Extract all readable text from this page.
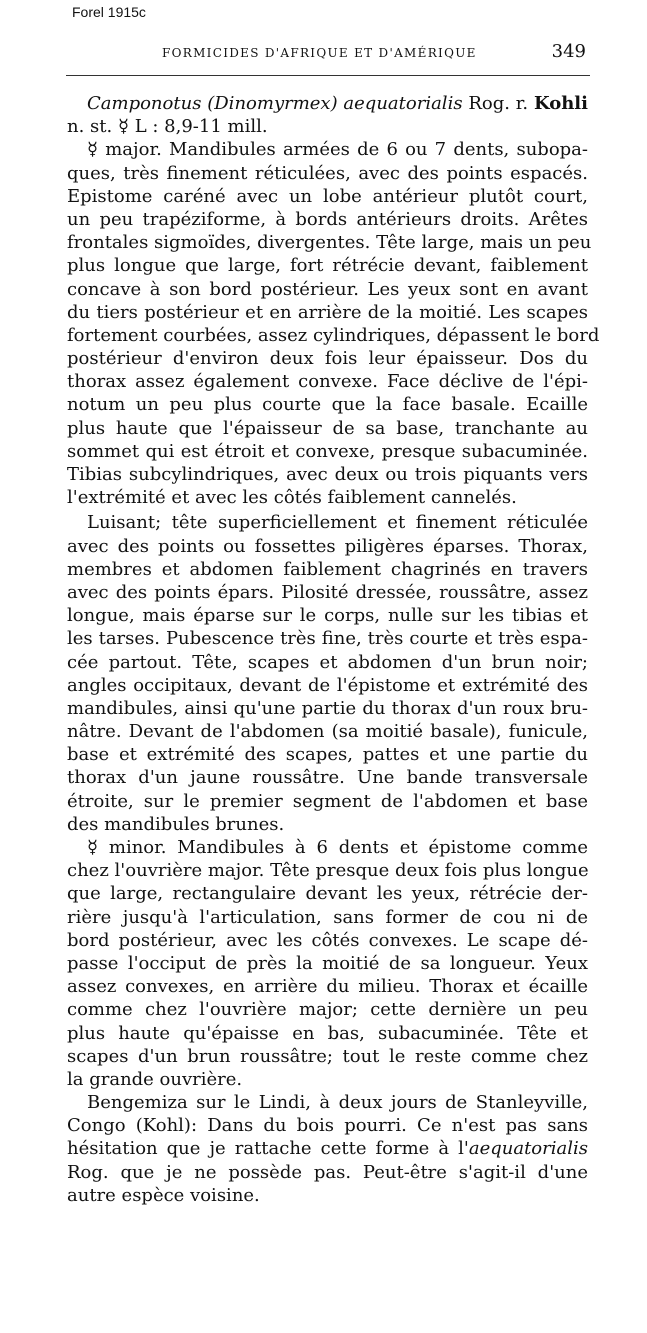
Forel 1915c
FORMICIDES D'AFRIQUE ET D'AMÉRIQUE	349

Camponotus (Dinomyrmex) aequatorialis Rog. r. Kohli
n. st. ☿ L : 8,9-11 mill.

☿ major. Mandibules armées de 6 ou 7 dents, subopa-
ques, très finement réticulées, avec des points espacés.
Epistome caréné avec un lobe antérieur plutôt court,
un peu trapéziforme, à bords antérieurs droits. Arêtes
frontales sigmoïdes, divergentes. Tête large, mais un peu
plus longue que large, fort rétrécie devant, faiblement
concave à son bord postérieur. Les yeux sont en avant
du tiers postérieur et en arrière de la moitié. Les scapes
fortement courbées, assez cylindriques, dépassent le bord
postérieur d'environ deux fois leur épaisseur. Dos du
thorax assez également convexe. Face déclive de l'épi-
notum un peu plus courte que la face basale. Ecaille
plus haute que l'épaisseur de sa base, tranchante au
sommet qui est étroit et convexe, presque subacuminée.
Tibias subcylindriques, avec deux ou trois piquants vers
l'extrémité et avec les côtés faiblement cannelés.

Luisant; tête superficiellement et finement réticulée
avec des points ou fossettes piligères éparses. Thorax,
membres et abdomen faiblement chagrinés en travers
avec des points épars. Pilosité dressée, roussâtre, assez
longue, mais éparse sur le corps, nulle sur les tibias et
les tarses. Pubescence très fine, très courte et très espa-
cée partout. Tête, scapes et abdomen d'un brun noir;
angles occipitaux, devant de l'épistome et extrémité des
mandibules, ainsi qu'une partie du thorax d'un roux bru-
nâtre. Devant de l'abdomen (sa moitié basale), funicule,
base et extrémité des scapes, pattes et une partie du
thorax d'un jaune roussâtre. Une bande transversale
étroite, sur le premier segment de l'abdomen et base
des mandibules brunes.

☿ minor. Mandibules à 6 dents et épistome comme
chez l'ouvrière major. Tête presque deux fois plus longue
que large, rectangulaire devant les yeux, rétrécie der-
rière jusqu'à l'articulation, sans former de cou ni de
bord postérieur, avec les côtés convexes. Le scape dé-
passe l'occiput de près la moitié de sa longueur. Yeux
assez convexes, en arrière du milieu. Thorax et écaille
comme chez l'ouvrière major; cette dernière un peu
plus haute qu'épaisse en bas, subacuminée. Tête et
scapes d'un brun roussâtre; tout le reste comme chez
la grande ouvrière.

Bengemiza sur le Lindi, à deux jours de Stanleyville,
Congo (Kohl): Dans du bois pourri. Ce n'est pas sans
hésitation que je rattache cette forme à l'aequatorialis
Rog. que je ne possède pas. Peut-être s'agit-il d'une
autre espèce voisine.
